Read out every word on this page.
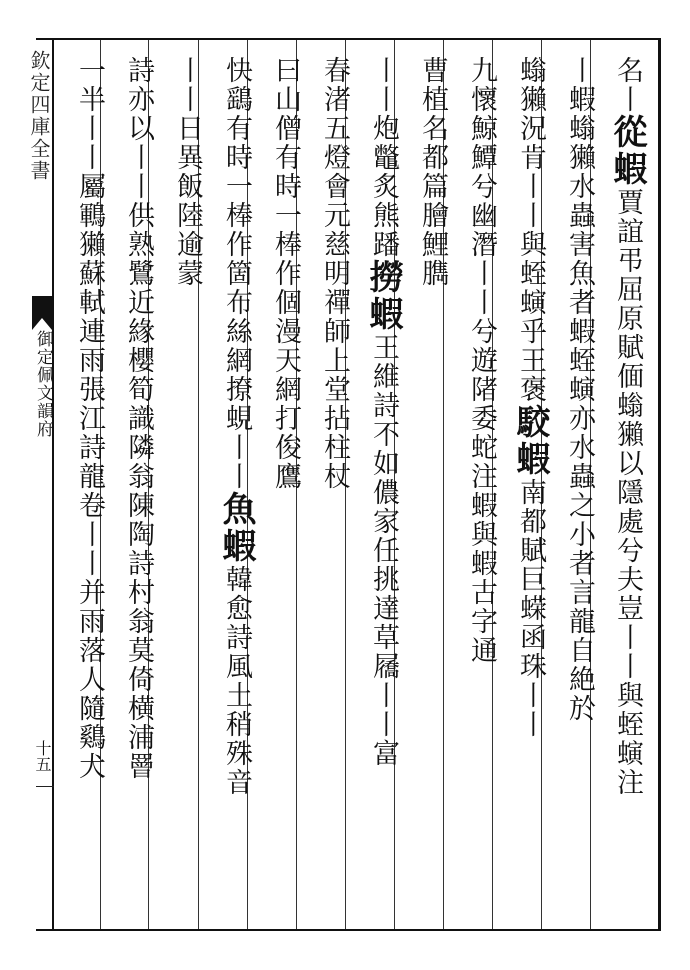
欽定四庫全書
御定佩文韻府
十五
名丨從蝦賈誼弔屈原賦偭螉獺以隱處兮夫豈丨丨與蛭螾注
丨蝦螉獺水蟲害魚者蝦蛭螾亦水蟲之小者言龍自絶於
螉獺況肯丨丨與蛭螾乎王褒駮蝦南都賦巨蝾函珠丨丨
九懷鯨鱏兮幽潛丨丨兮遊陼委蛇注蝦與蝦古字通
曹植名都篇膾鯉臇
丨丨炮鼈炙熊蹯撈蝦王維詩不如儂家任挑達草屩丨丨富
春渚五燈會元慈明禪師上堂拈柱杖
曰山僧有時一棒作個漫天網打俊鷹
快鷂有時一棒作箇布絲網撩蜆丨丨魚蝦韓愈詩風土稍殊音
丨丨日異飯陸逾蒙
詩亦以丨丨供熟鷺近緣櫻筍識隣翁陳陶詩村翁莫倚横浦罾
一半丨丨屬鶤獺蘇軾連雨張江詩龍卷丨丨并雨落人隨鷄犬
